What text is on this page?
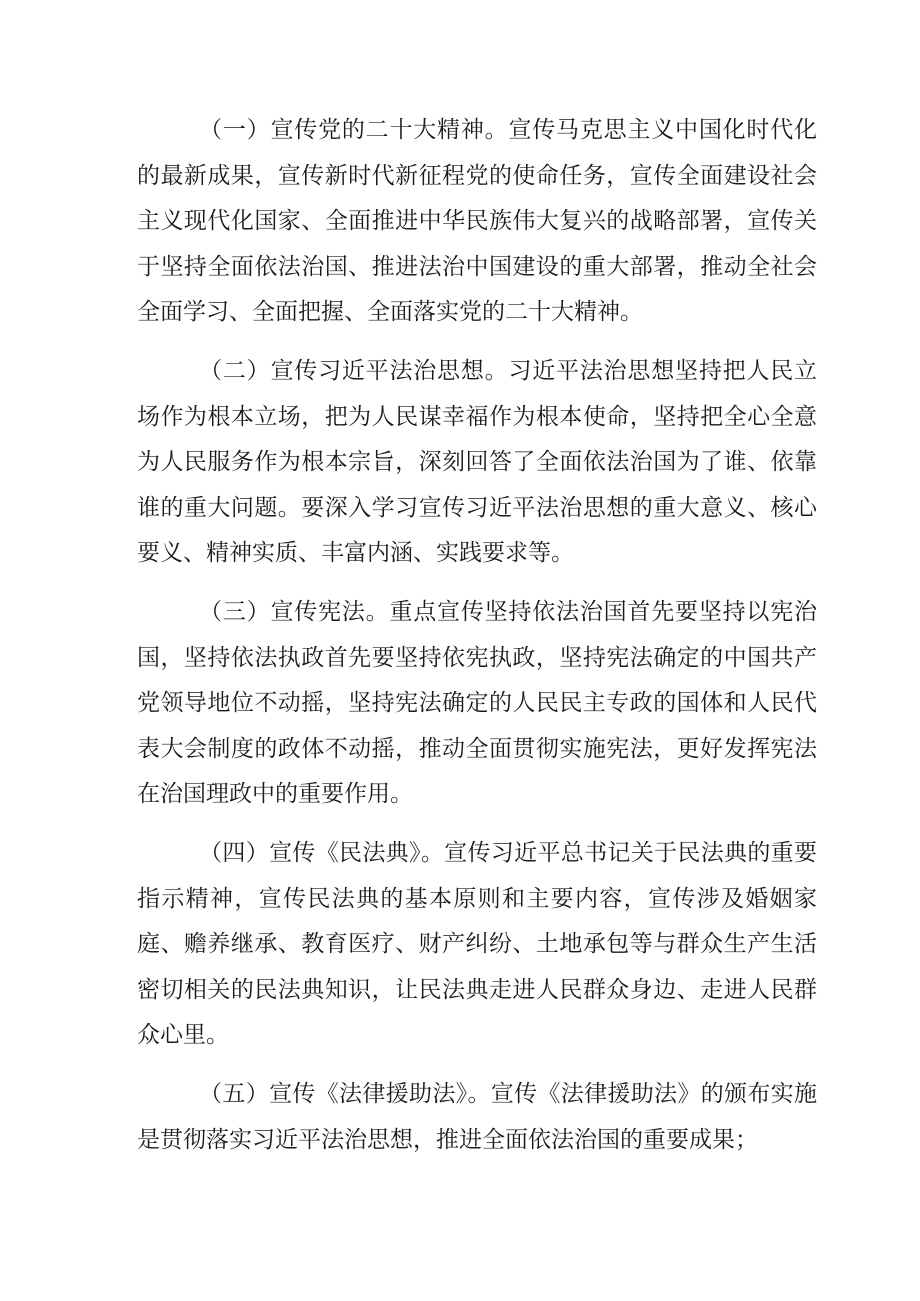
（一）宣传党的二十大精神。宣传马克思主义中国化时代化的最新成果，宣传新时代新征程党的使命任务，宣传全面建设社会主义现代化国家、全面推进中华民族伟大复兴的战略部署，宣传关于坚持全面依法治国、推进法治中国建设的重大部署，推动全社会全面学习、全面把握、全面落实党的二十大精神。

（二）宣传习近平法治思想。习近平法治思想坚持把人民立场作为根本立场，把为人民谋幸福作为根本使命，坚持把全心全意为人民服务作为根本宗旨，深刻回答了全面依法治国为了谁、依靠谁的重大问题。要深入学习宣传习近平法治思想的重大意义、核心要义、精神实质、丰富内涵、实践要求等。

（三）宣传宪法。重点宣传坚持依法治国首先要坚持以宪治国，坚持依法执政首先要坚持依宪执政，坚持宪法确定的中国共产党领导地位不动摇，坚持宪法确定的人民民主专政的国体和人民代表大会制度的政体不动摇，推动全面贯彻实施宪法，更好发挥宪法在治国理政中的重要作用。

（四）宣传《民法典》。宣传习近平总书记关于民法典的重要指示精神，宣传民法典的基本原则和主要内容，宣传涉及婚姻家庭、赡养继承、教育医疗、财产纠纷、土地承包等与群众生产生活密切相关的民法典知识，让民法典走进人民群众身边、走进人民群众心里。

（五）宣传《法律援助法》。宣传《法律援助法》的颁布实施是贯彻落实习近平法治思想，推进全面依法治国的重要成果；
